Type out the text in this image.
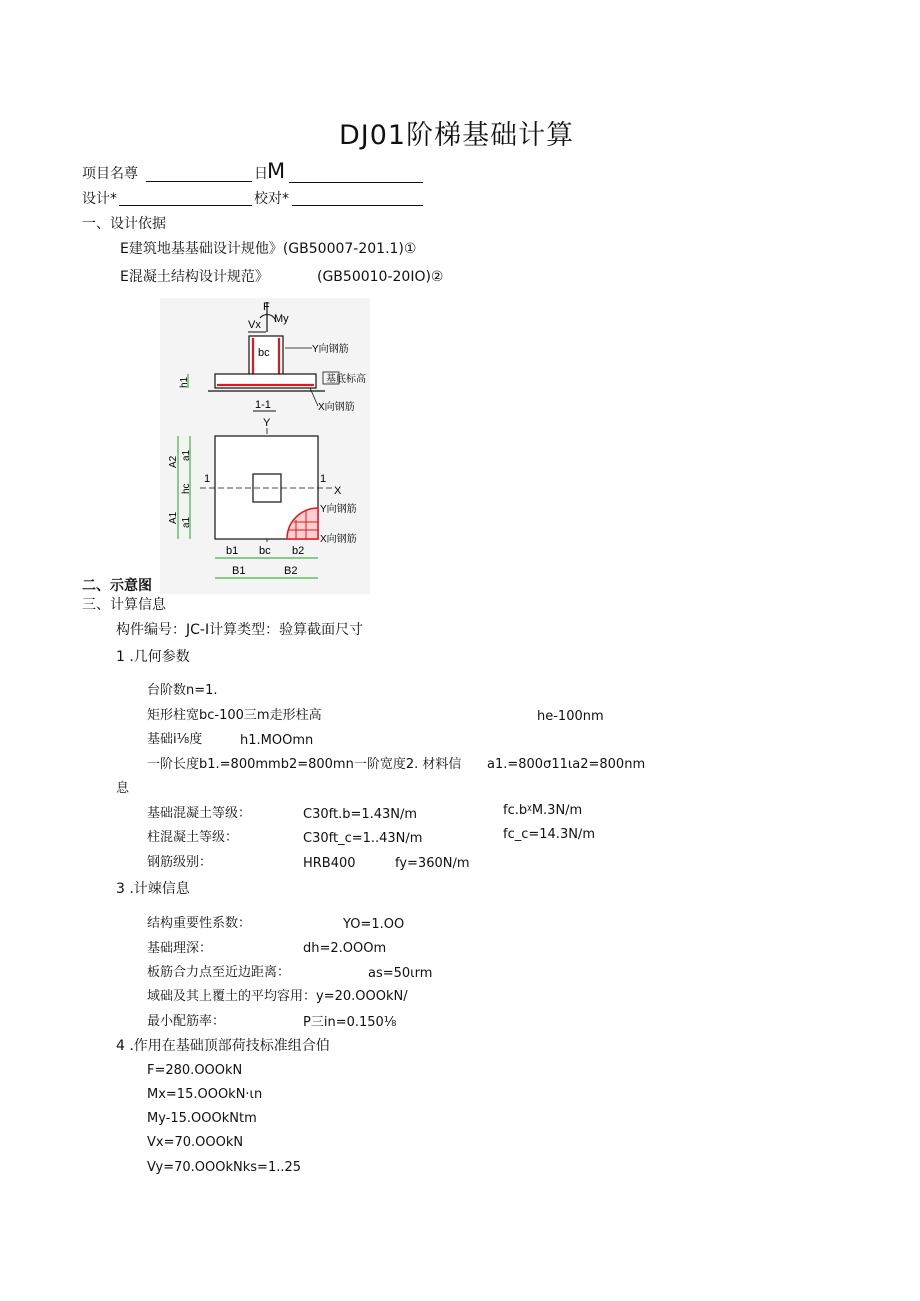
DJ01阶梯基础计算
项目名尊	日 M
设计*	校对*
一、设计依据
E建筑地基基础设计规他》(GB50007-201.1)①
E混凝土结构设计规范》	(GB50010-20IO)②
F
Vx My
bc
h1
Y向钢筋
基底标高
X向钢筋
1-1
Y
X
1	1
Y向钢筋
X向钢筋
A2
a1
hc
A1 a1
b1 bc b2
B1	B2
二、示意图
三、计算信息
构件编号：JC-I计算类型：验算截面尺寸
1 .几何参数
台阶数n=1.
矩形柱宽bc-100三m走形柱高	he-100nm
基础i⅛度	h1.MOOmn
一阶长度b1.=800mmb2=800mn一阶宽度2. 材料信 a1.=800σ11ιa2=800nm
息
基础混凝土等级：	C30ft.b=1.43N∕m	fc.bᵡM.3N∕m
柱混凝土等级：	C30ft_c=1..43N∕m	fc_c=14.3N∕m
钢筋级别：	HRB400	fy=360N∕m
3 .计竦信息
结构重要性系数：	YO=1.OO
基础理深：	dh=2.OOOm
板筋合力点至近边距离：	as=50ιrm
域础及其上覆土的平均容用：y=20.OOOkN/
最小配筋率：	P三in=0.150⅛
4 .作用在基础顶部荷技标准组合伯
F=280.OOOkN
Mx=15.OOOkN·ιn
My-15.OOOkNtm
Vx=70.OOOkN
Vy=70.OOOkNks=1..25
